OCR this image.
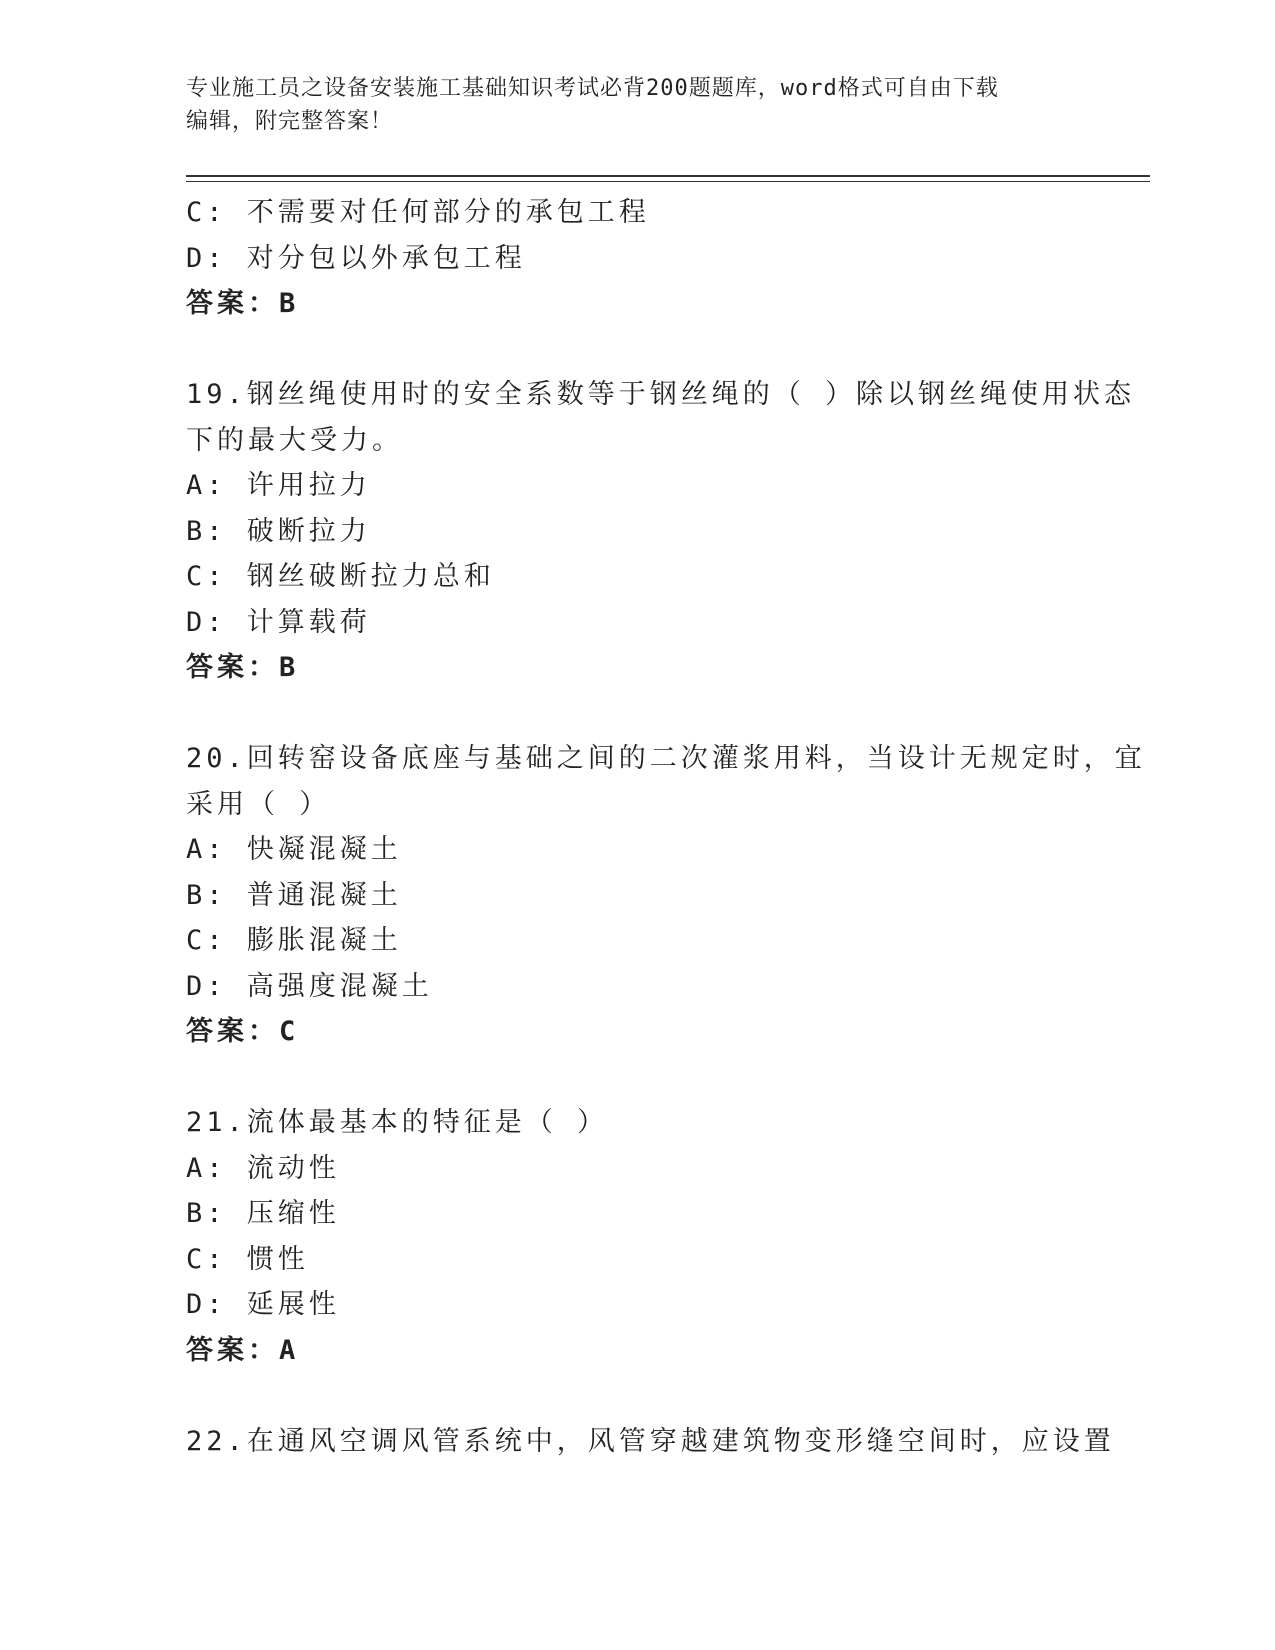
专业施工员之设备安装施工基础知识考试必背200题题库，word格式可自由下载
编辑，附完整答案！
C: 不需要对任何部分的承包工程
D: 对分包以外承包工程
答案：B
19.钢丝绳使用时的安全系数等于钢丝绳的（ ）除以钢丝绳使用状态
下的最大受力。
A: 许用拉力
B: 破断拉力
C: 钢丝破断拉力总和
D: 计算载荷
答案：B
20.回转窑设备底座与基础之间的二次灌浆用料，当设计无规定时，宜
采用（ ）
A: 快凝混凝土
B: 普通混凝土
C: 膨胀混凝土
D: 高强度混凝土
答案：C
21.流体最基本的特征是（ ）
A: 流动性
B: 压缩性
C: 惯性
D: 延展性
答案：A
22.在通风空调风管系统中，风管穿越建筑物变形缝空间时，应设置
